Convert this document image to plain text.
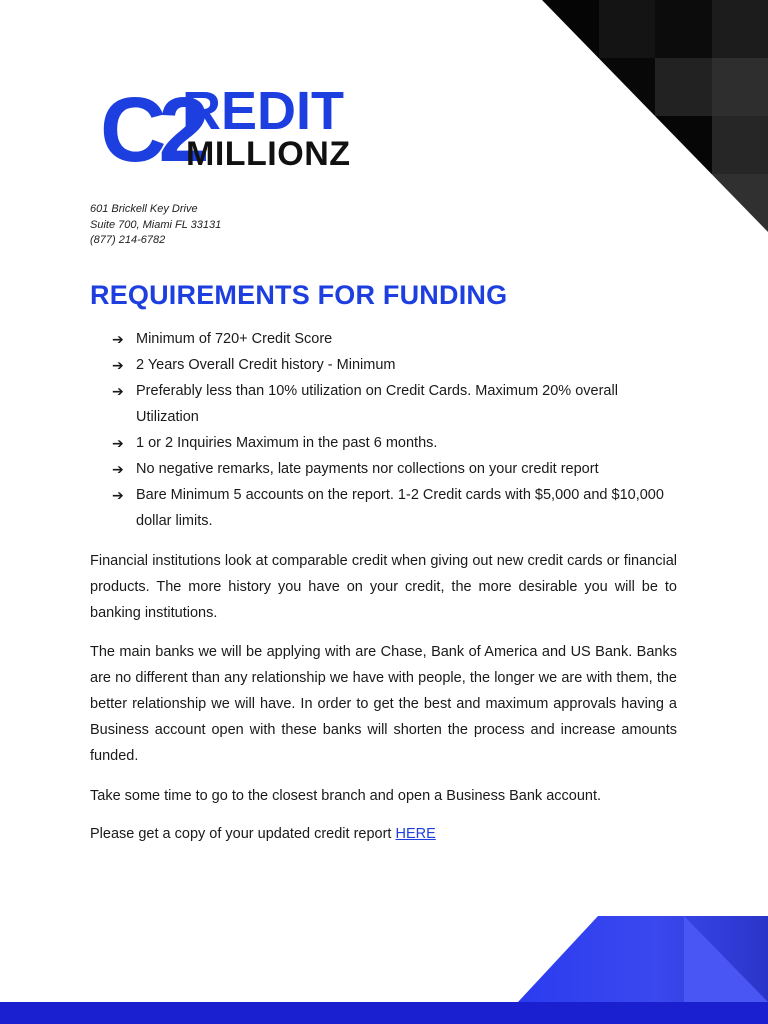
C2
REDIT
MILLIONZ
601 Brickell Key Drive
Suite 700, Miami FL 33131
(877) 214-6782
REQUIREMENTS FOR FUNDING
➔ Minimum of 720+ Credit Score
➔ 2 Years Overall Credit history - Minimum
➔ Preferably less than 10% utilization on Credit Cards. Maximum 20% overall Utilization
➔ 1 or 2 Inquiries Maximum in the past 6 months.
➔ No negative remarks, late payments nor collections on your credit report
➔ Bare Minimum 5 accounts on the report. 1-2 Credit cards with $5,000 and $10,000 dollar limits.

Financial institutions look at comparable credit when giving out new credit cards or financial products. The more history you have on your credit, the more desirable you will be to banking institutions.

The main banks we will be applying with are Chase, Bank of America and US Bank. Banks are no different than any relationship we have with people, the longer we are with them, the better relationship we will have. In order to get the best and maximum approvals having a Business account open with these banks will shorten the process and increase amounts funded.

Take some time to go to the closest branch and open a Business Bank account.

Please get a copy of your updated credit report HERE
